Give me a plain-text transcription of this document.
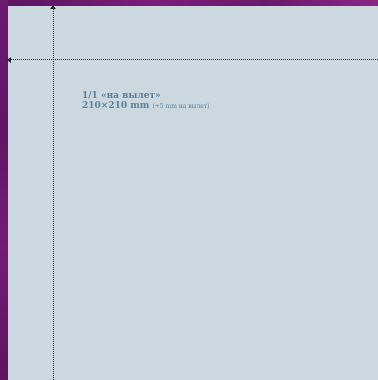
1/1 «на вылет»
210×210 mm (+5 mm на вылет)
